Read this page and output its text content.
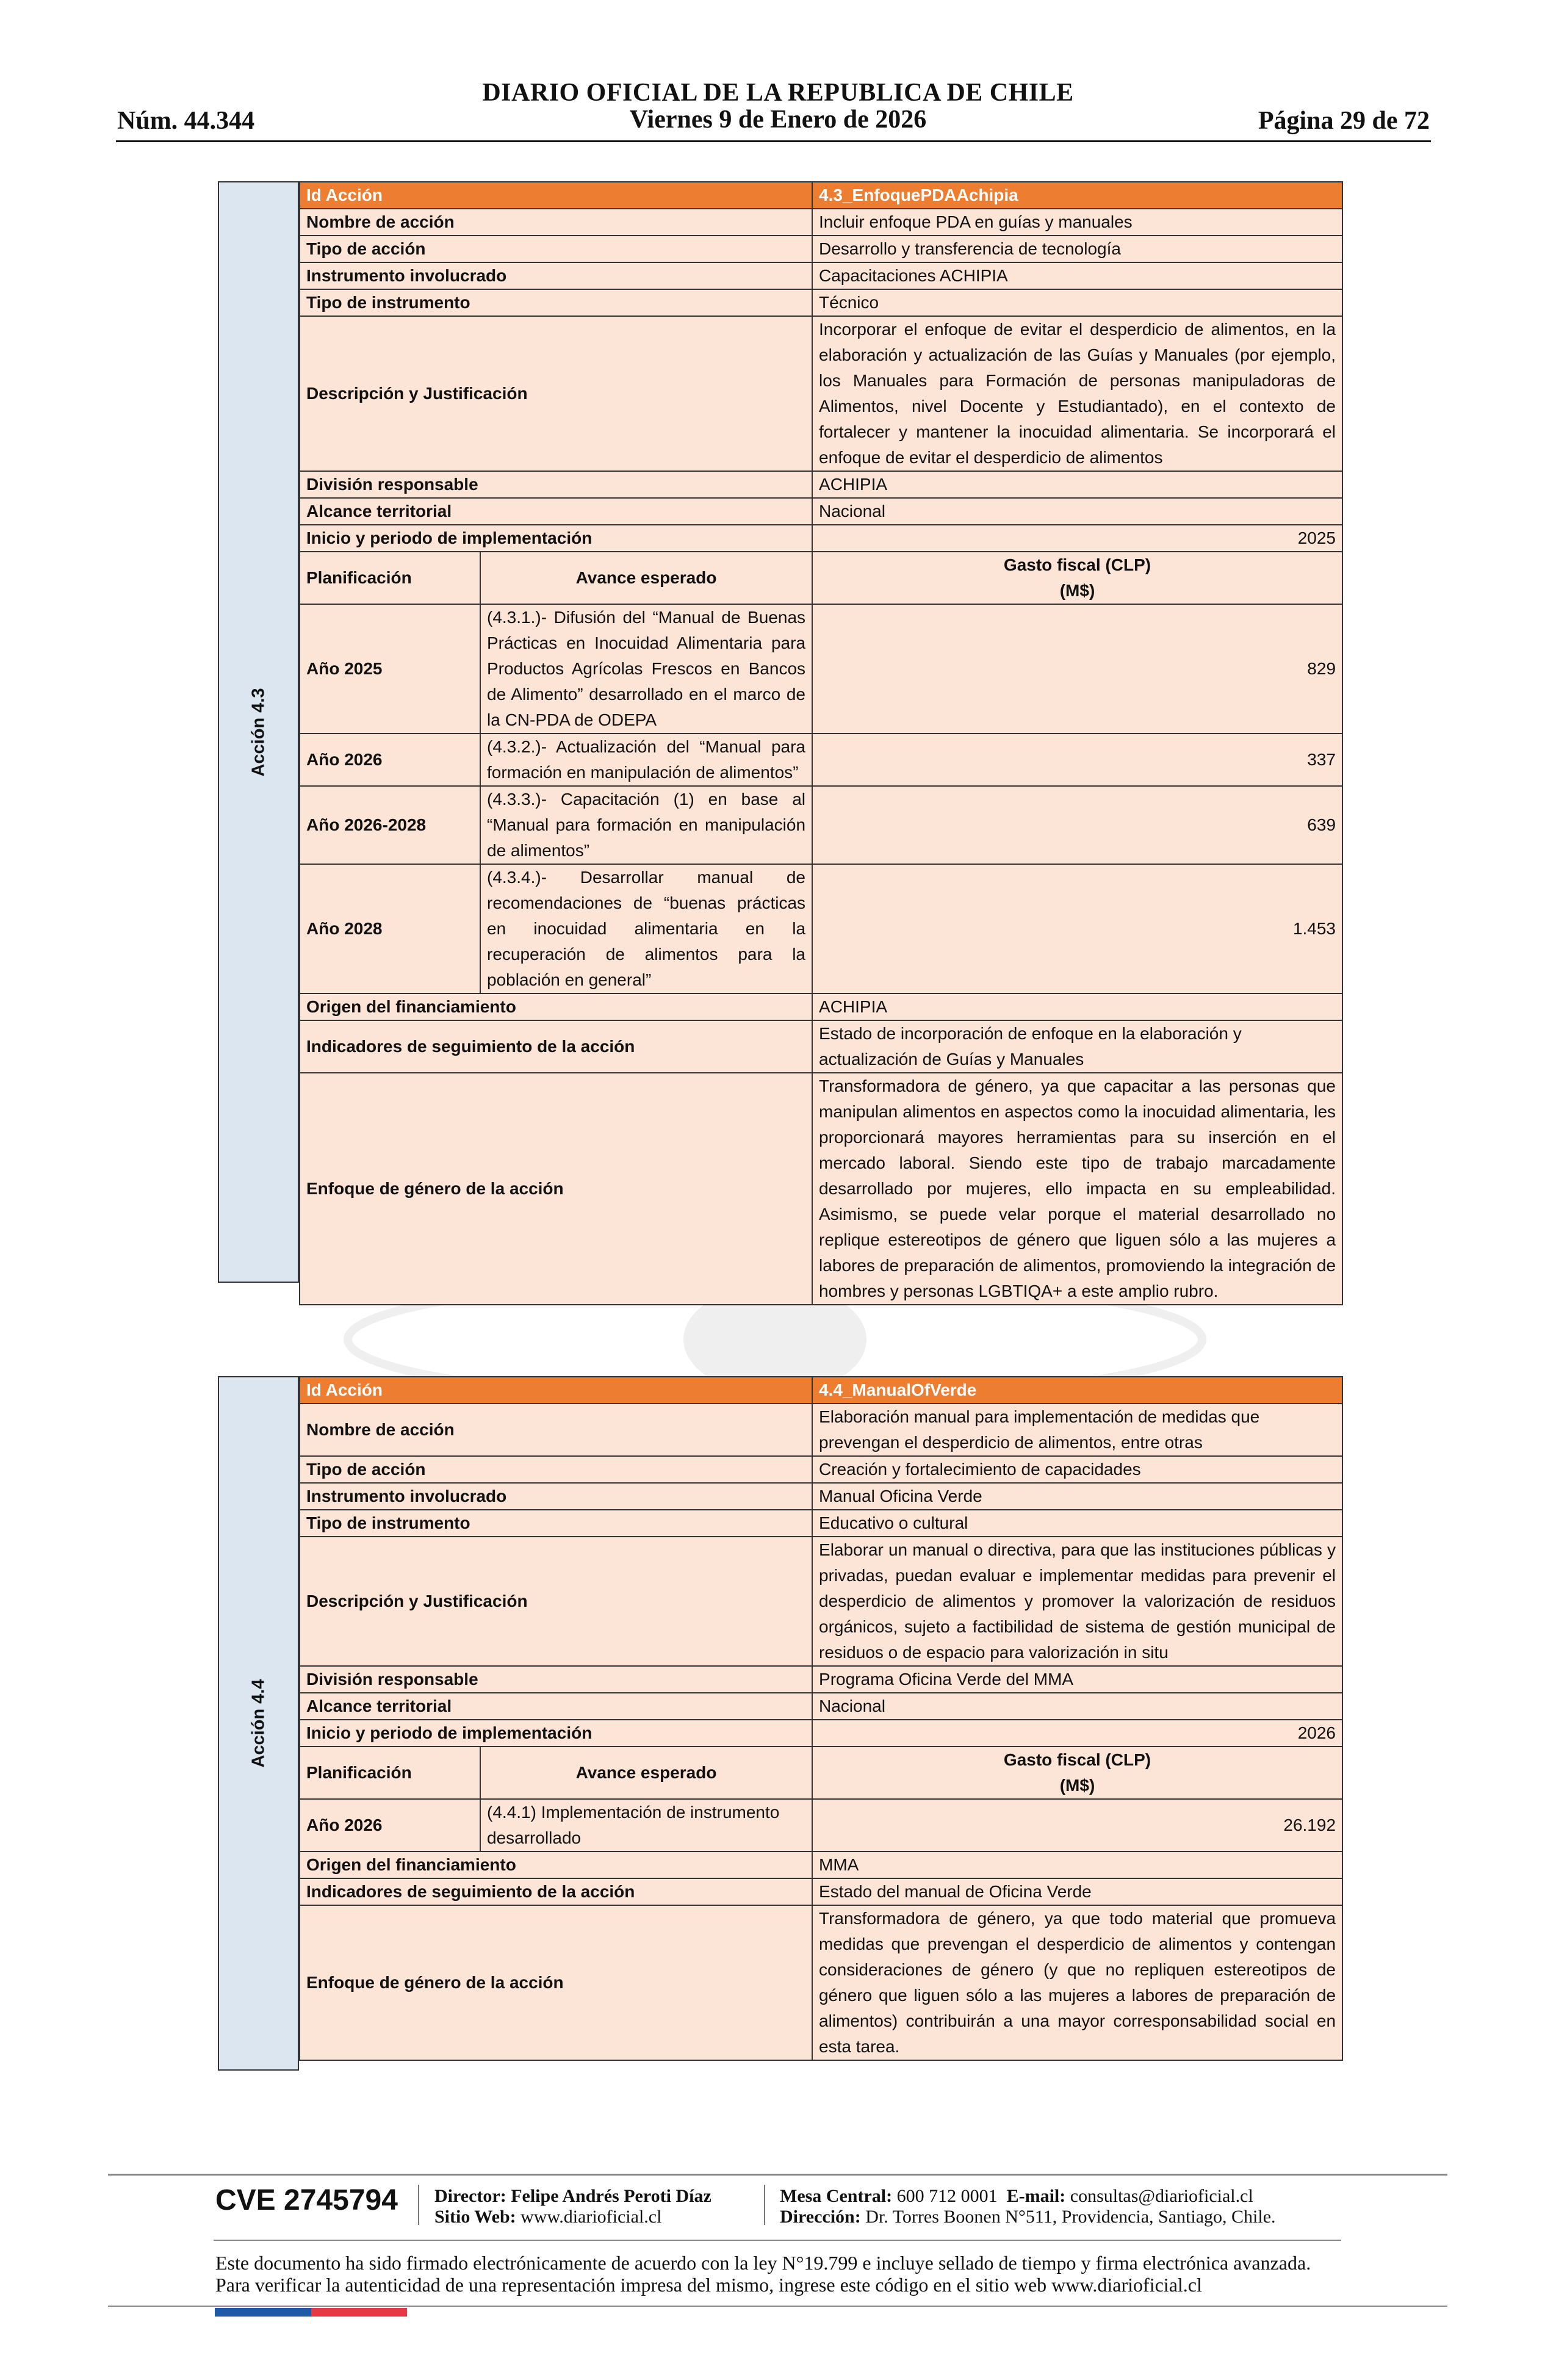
DIARIO OFICIAL DE LA REPUBLICA DE CHILE
Núm. 44.344	Viernes 9 de Enero de 2026	Página 29 de 72
Acción 4.3
Id Acción		4.3_EnfoquePDAAchipia
Nombre de acción		Incluir enfoque PDA en guías y manuales
Tipo de acción		Desarrollo y transferencia de tecnología
Instrumento involucrado		Capacitaciones ACHIPIA
Tipo de instrumento		Técnico
Descripción y Justificación		Incorporar el enfoque de evitar el desperdicio de alimentos, en la elaboración y actualización de las Guías y Manuales (por ejemplo, los Manuales para Formación de personas manipuladoras de Alimentos, nivel Docente y Estudiantado), en el contexto de fortalecer y mantener la inocuidad alimentaria. Se incorporará el enfoque de evitar el desperdicio de alimentos
División responsable		ACHIPIA
Alcance territorial		Nacional
Inicio y periodo de implementación		2025
Planificación	Avance esperado	Gasto fiscal (CLP)
(M$)
Año 2025	(4.3.1.)- Difusión del “Manual de Buenas Prácticas en Inocuidad Alimentaria para Productos Agrícolas Frescos en Bancos de Alimento” desarrollado en el marco de la CN-PDA de ODEPA	829
Año 2026	(4.3.2.)- Actualización del “Manual para formación en manipulación de alimentos”	337
Año 2026-2028	(4.3.3.)- Capacitación (1) en base al “Manual para formación en manipulación de alimentos”	639
Año 2028	(4.3.4.)- Desarrollar manual de recomendaciones de “buenas prácticas en inocuidad alimentaria en la recuperación de alimentos para la población en general”	1.453
Origen del financiamiento		ACHIPIA
Indicadores de seguimiento de la acción		Estado de incorporación de enfoque en la elaboración y actualización de Guías y Manuales
Enfoque de género de la acción		Transformadora de género, ya que capacitar a las personas que manipulan alimentos en aspectos como la inocuidad alimentaria, les proporcionará mayores herramientas para su inserción en el mercado laboral. Siendo este tipo de trabajo marcadamente desarrollado por mujeres, ello impacta en su empleabilidad. Asimismo, se puede velar porque el material desarrollado no replique estereotipos de género que liguen sólo a las mujeres a labores de preparación de alimentos, promoviendo la integración de hombres y personas LGBTIQA+ a este amplio rubro.
Acción 4.4
Id Acción		4.4_ManualOfVerde
Nombre de acción		Elaboración manual para implementación de medidas que prevengan el desperdicio de alimentos, entre otras
Tipo de acción		Creación y fortalecimiento de capacidades
Instrumento involucrado		Manual Oficina Verde
Tipo de instrumento		Educativo o cultural
Descripción y Justificación		Elaborar un manual o directiva, para que las instituciones públicas y privadas, puedan evaluar e implementar medidas para prevenir el desperdicio de alimentos y promover la valorización de residuos orgánicos, sujeto a factibilidad de sistema de gestión municipal de residuos o de espacio para valorización in situ
División responsable		Programa Oficina Verde del MMA
Alcance territorial		Nacional
Inicio y periodo de implementación		2026
Planificación	Avance esperado	Gasto fiscal (CLP)
(M$)
Año 2026	(4.4.1) Implementación de instrumento desarrollado	26.192
Origen del financiamiento		MMA
Indicadores de seguimiento de la acción		Estado del manual de Oficina Verde
Enfoque de género de la acción		Transformadora de género, ya que todo material que promueva medidas que prevengan el desperdicio de alimentos y contengan consideraciones de género (y que no repliquen estereotipos de género que liguen sólo a las mujeres a labores de preparación de alimentos) contribuirán a una mayor corresponsabilidad social en esta tarea.
CVE 2745794 Director: Felipe Andrés Peroti Díaz
Sitio Web: www.diarioficial.cl
Mesa Central: 600 712 0001 E-mail: consultas@diarioficial.cl
Dirección: Dr. Torres Boonen N°511, Providencia, Santiago, Chile.
Este documento ha sido firmado electrónicamente de acuerdo con la ley N°19.799 e incluye sellado de tiempo y firma electrónica avanzada. Para verificar la autenticidad de una representación impresa del mismo, ingrese este código en el sitio web www.diarioficial.cl
